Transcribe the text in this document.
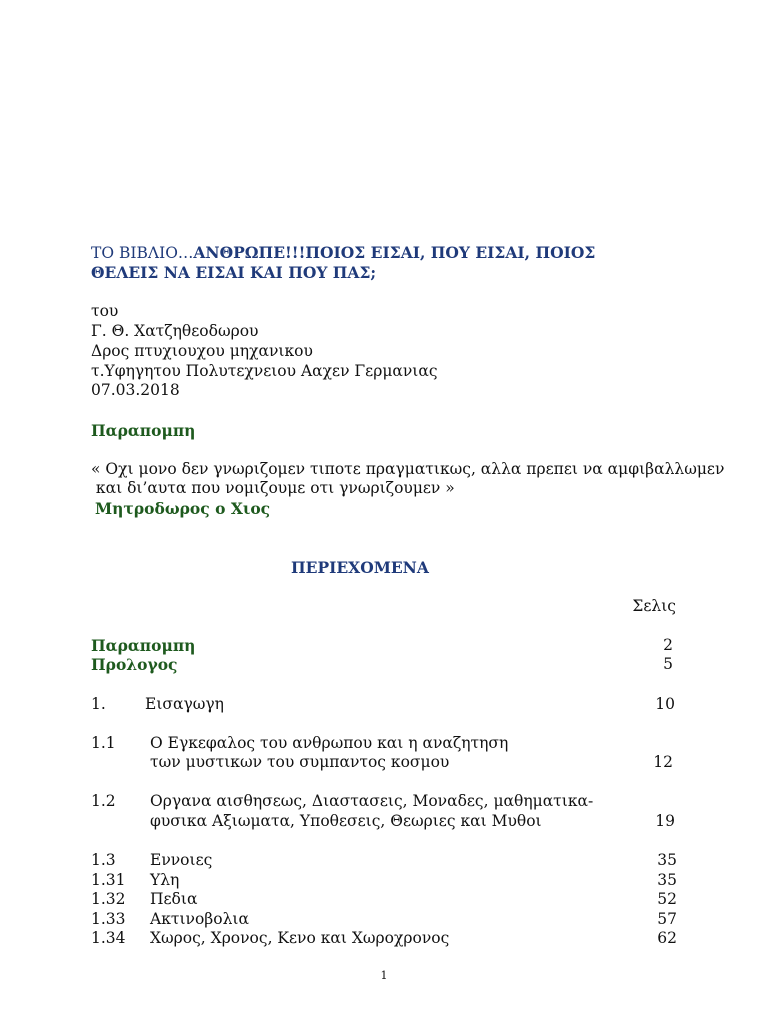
ΤΟ ΒΙΒΛΙΟ…ΑΝΘΡΩΠΕ!!!ΠΟΙΟΣ ΕΙΣΑΙ, ΠΟΥ ΕΙΣΑΙ, ΠΟΙΟΣ
ΘΕΛΕΙΣ ΝΑ ΕΙΣΑΙ ΚΑΙ ΠΟΥ ΠΑΣ;
του
Γ. Θ. Χατζηθεοδωρου
Δρος πτυχιουχου μηχανικου
τ.Υφηγητου Πολυτεχνειου Ααχεν Γερμανιας
07.03.2018
Παραπομπη
« Οχι μονο δεν γνωριζομεν τιποτε πραγματικως, αλλα πρεπει να αμφιβαλλωμεν
και δι’αυτα που νομιζουμε οτι γνωριζουμεν »
Μητροδωρος ο Χιος
ΠΕΡΙΕΧΟΜΕΝΑ
Σελις
Παραπομπη	2
Προλογος	5
1.	Εισαγωγη	10
1.1 Ο Εγκεφαλος του ανθρωπου και η αναζητηση
των μυστικων του συμπαντος κοσμου	12
1.2 Οργανα αισθησεως, Διαστασεις, Μοναδες, μαθηματικα-
φυσικα Αξιωματα, Υποθεσεις, Θεωριες και Μυθοι	19
1.3 Εννοιες	35
1.31 Υλη	35
1.32 Πεδια	52
1.33 Ακτινοβολια	57
1.34 Χωρος, Χρονος, Κενο και Χωροχρονος	62
1
